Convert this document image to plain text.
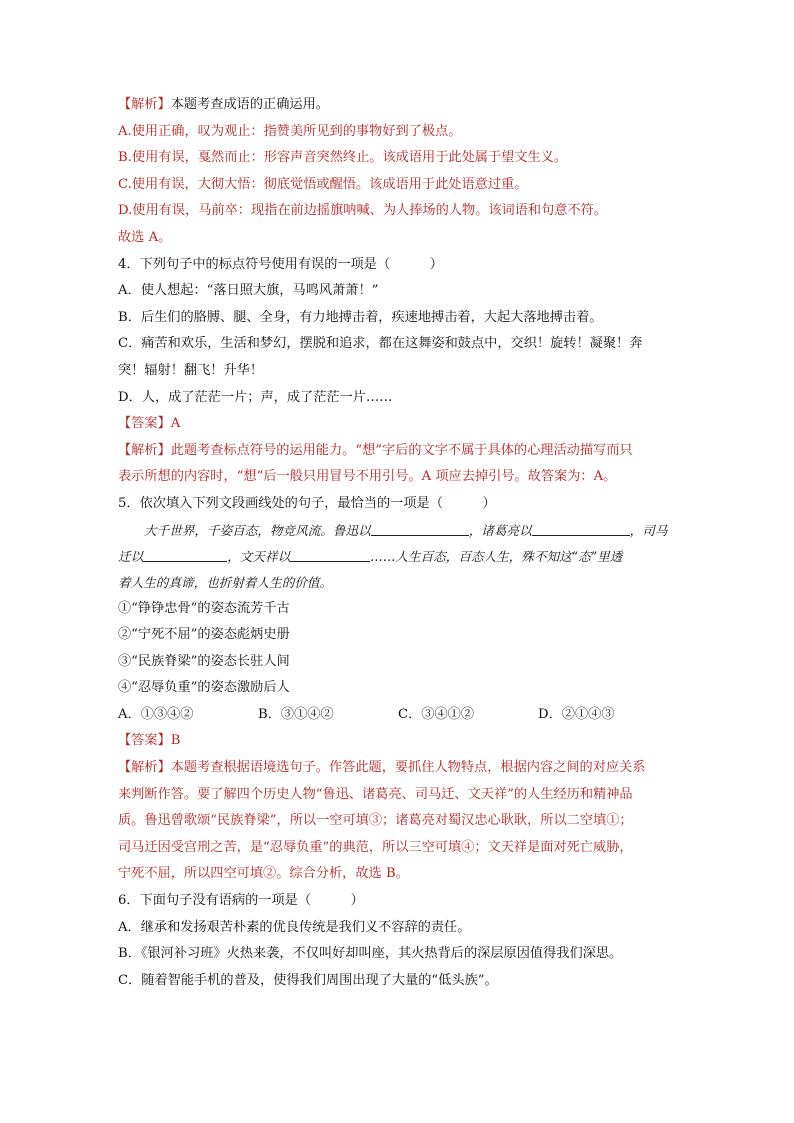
【解析】本题考查成语的正确运用。
A.使用正确，叹为观止：指赞美所见到的事物好到了极点。
B.使用有误，戛然而止：形容声音突然终止。该成语用于此处属于望文生义。
C.使用有误，大彻大悟：彻底觉悟或醒悟。该成语用于此处语意过重。
D.使用有误，马前卒：现指在前边摇旗呐喊、为人捧场的人物。该词语和句意不符。
故选 A。
4．下列句子中的标点符号使用有误的一项是（　　　）
A．使人想起：“落日照大旗，马鸣风萧萧！”
B．后生们的胳膊、腿、全身，有力地搏击着，疾速地搏击着，大起大落地搏击着。
C．痛苦和欢乐，生活和梦幻，摆脱和追求，都在这舞姿和鼓点中，交织！旋转！凝聚！奔
突！辐射！翻飞！升华！
D．人，成了茫茫一片；声，成了茫茫一片……
【答案】A
【解析】此题考查标点符号的运用能力。“想”字后的文字不属于具体的心理活动描写而只
表示所想的内容时，“想”后一般只用冒号不用引号。A 项应去掉引号。故答案为：A。
5．依次填入下列文段画线处的句子，最恰当的一项是（　　　）
大千世界，千姿百态，物竞风流。鲁迅以	，诸葛亮以	，司马
迁以	，文天祥以	……人生百态，百态人生，殊不知这“态”里透
着人生的真谛，也折射着人生的价值。
①“铮铮忠骨”的姿态流芳千古
②“宁死不屈”的姿态彪炳史册
③“民族脊梁”的姿态长驻人间
④“忍辱负重”的姿态激励后人
A．①③④②	B．③①④②	C．③④①②	D．②①④③
【答案】B
【解析】本题考查根据语境选句子。作答此题，要抓住人物特点，根据内容之间的对应关系
来判断作答。要了解四个历史人物“鲁迅、诸葛亮、司马迁、文天祥”的人生经历和精神品
质。鲁迅曾歌颂“民族脊梁”，所以一空可填③；诸葛亮对蜀汉忠心耿耿，所以二空填①；
司马迁因受宫刑之苦，是“忍辱负重”的典范，所以三空可填④；文天祥是面对死亡威胁，
宁死不屈，所以四空可填②。综合分析，故选 B。
6．下面句子没有语病的一项是（　　　）
A．继承和发扬艰苦朴素的优良传统是我们义不容辞的责任。
B．《银河补习班》火热来袭，不仅叫好却叫座，其火热背后的深层原因值得我们深思。
C．随着智能手机的普及，使得我们周围出现了大量的“低头族”。
